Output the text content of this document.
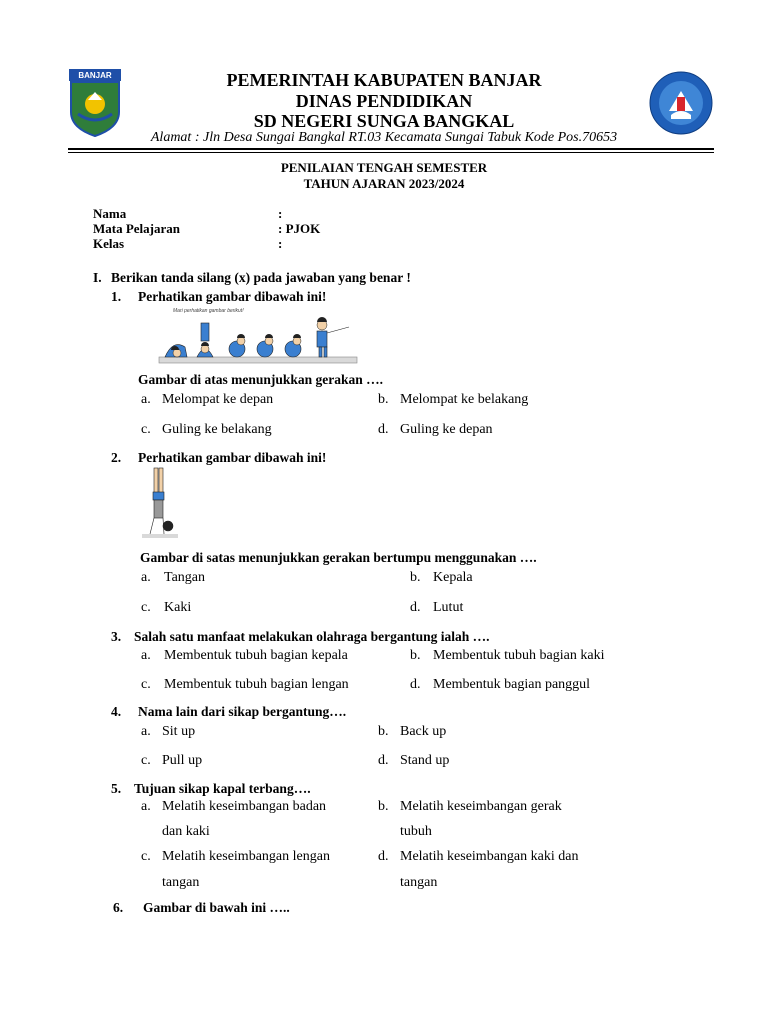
BANJAR	PEMERINTAH KABUPATEN BANJAR
DINAS PENDIDIKAN
SD NEGERI SUNGA BANGKAL
Alamat : Jln Desa Sungai Bangkal RT.03 Kecamata Sungai Tabuk Kode Pos.70653
PENILAIAN TENGAH SEMESTER
TAHUN AJARAN 2023/2024
Nama	:
Mata Pelajaran	: PJOK
Kelas	:
I. Berikan tanda silang (x) pada jawaban yang benar !
1. Perhatikan gambar dibawah ini!
Mari perhatikan gambar berikut!
Gambar di atas menunjukkan gerakan ….
a. Melompat ke depan	b. Melompat ke belakang
c. Guling ke belakang	d. Guling ke depan
2. Perhatikan gambar dibawah ini!
Gambar di satas menunjukkan gerakan bertumpu menggunakan ….
a. Tangan	b. Kepala
c. Kaki	d. Lutut
3. Salah satu manfaat melakukan olahraga bergantung ialah ….
a. Membentuk tubuh bagian kepala	b. Membentuk tubuh bagian kaki
c. Membentuk tubuh bagian lengan	d. Membentuk bagian panggul
4. Nama lain dari sikap bergantung….
a. Sit up	b. Back up
c. Pull up	d. Stand up
5. Tujuan sikap kapal terbang….
a. Melatih keseimbangan badan
dan kaki
b. Melatih keseimbangan gerak
tubuh
c. Melatih keseimbangan lengan
tangan
d. Melatih keseimbangan kaki dan
tangan
6. Gambar di bawah ini …..
